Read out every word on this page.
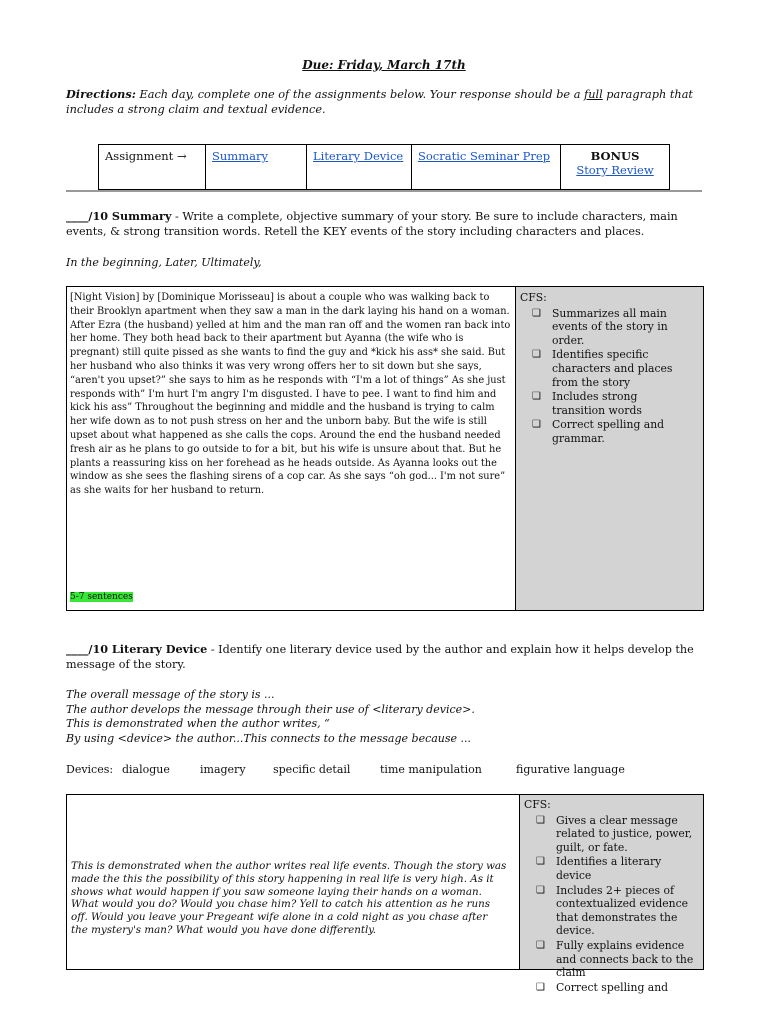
Due: Friday, March 17th
Directions: Each day, complete one of the assignments below. Your response should be a full paragraph that includes a strong claim and textual evidence.
Assignment →	Summary	Literary Device	Socratic Seminar Prep	BONUS
Story Review
____/10 Summary - Write a complete, objective summary of your story. Be sure to include characters, main events, & strong transition words. Retell the KEY events of the story including characters and places.
In the beginning, Later, Ultimately,
[Night Vision] by [Dominique Morisseau] is about a couple who was walking back to their Brooklyn apartment when they saw a man in the dark laying his hand on a woman. After Ezra (the husband) yelled at him and the man ran off and the women ran back into her home. They both head back to their apartment but Ayanna (the wife who is pregnant) still quite pissed as she wants to find the guy and *kick his ass* she said. But her husband who also thinks it was very wrong offers her to sit down but she says, “aren't you upset?” she says to him as he responds with “I'm a lot of things” As she just responds with” I'm hurt I'm angry I'm disgusted. I have to pee. I want to find him and kick his ass” Throughout the beginning and middle and the husband is trying to calm her wife down as to not push stress on her and the unborn baby. But the wife is still upset about what happened as she calls the cops. Around the end the husband needed fresh air as he plans to go outside to for a bit, but his wife is unsure about that. But he plants a reassuring kiss on her forehead as he heads outside. As Ayanna looks out the window as she sees the flashing sirens of a cop car. As she says “oh god... I'm not sure” as she waits for her husband to return.
5-7 sentences
CFS:
❑ Summarizes all main events of the story in order.
❑ Identifies specific characters and places from the story
❑ Includes strong transition words
❑ Correct spelling and grammar.
____/10 Literary Device - Identify one literary device used by the author and explain how it helps develop the message of the story.
The overall message of the story is ...
The author develops the message through their use of <literary device>.
This is demonstrated when the author writes, “
By using <device> the author...This connects to the message because ...
Devices: dialogue	imagery specific detail	time manipulation	figurative language
This is demonstrated when the author writes real life events. Though the story was made the this the possibility of this story happening in real life is very high. As it shows what would happen if you saw someone laying their hands on a woman. What would you do? Would you chase him? Yell to catch his attention as he runs off. Would you leave your Pregeant wife alone in a cold night as you chase after the mystery's man? What would you have done differently.
CFS:
❑ Gives a clear message related to justice, power, guilt, or fate.
❑ Identifies a literary device
❑ Includes 2+ pieces of contextualized evidence that demonstrates the device.
❑ Fully explains evidence and connects back to the claim
❑ Correct spelling and
